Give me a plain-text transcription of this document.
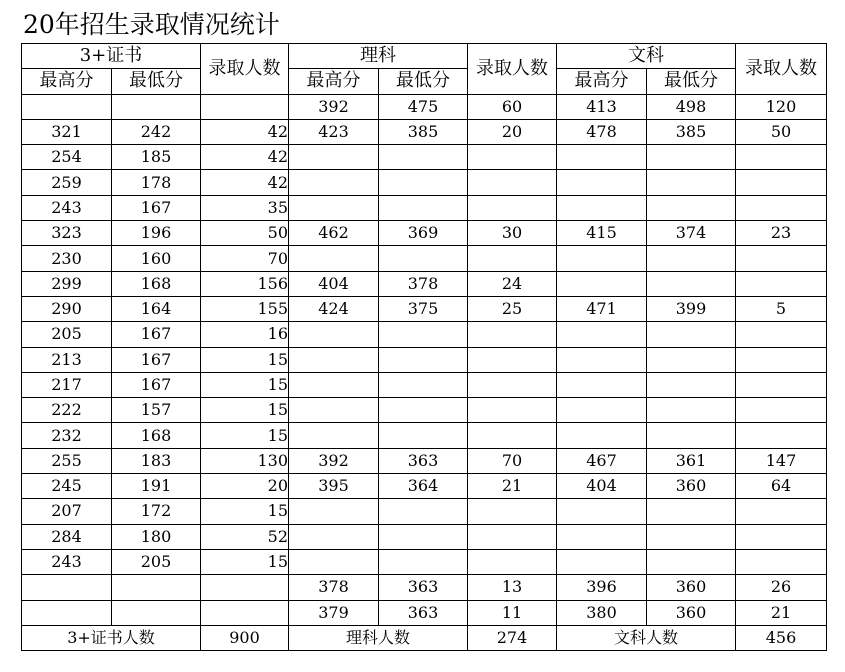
20年招生录取情况统计
3+证书		录取人数	理科		录取人数	文科		录取人数
最高分	最低分		最高分	最低分		最高分	最低分	
			392	475	60	413	498	120
321	242	42	423	385	20	478	385	50
254	185	42						
259	178	42						
243	167	35						
323	196	50	462	369	30	415	374	23
230	160	70						
299	168	156	404	378	24			
290	164	155	424	375	25	471	399	5
205	167	16						
213	167	15						
217	167	15						
222	157	15						
232	168	15						
255	183	130	392	363	70	467	361	147
245	191	20	395	364	21	404	360	64
207	172	15						
284	180	52						
243	205	15						
			378	363	13	396	360	26
			379	363	11	380	360	21
3+证书人数		900	理科人数		274	文科人数		456
